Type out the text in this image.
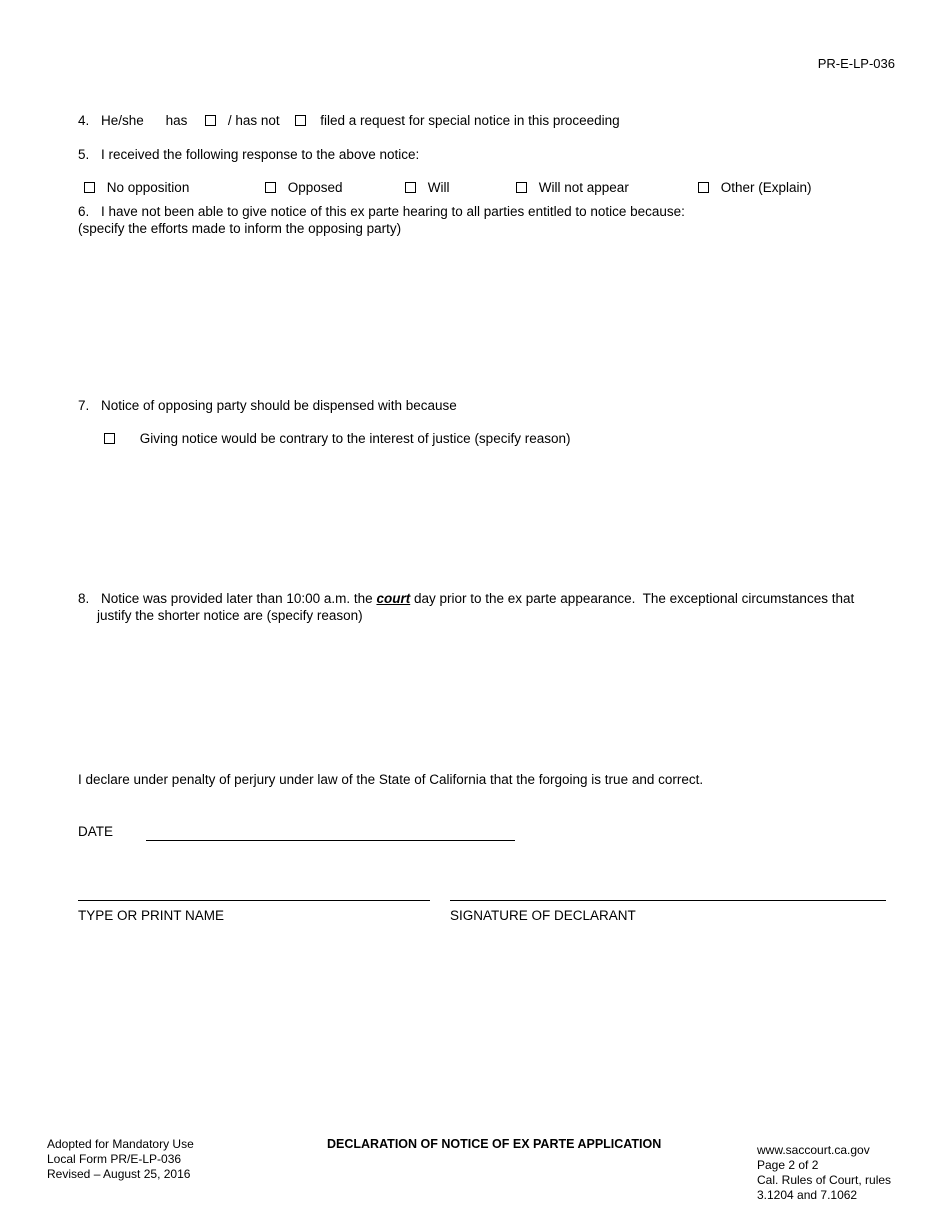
PR-E-LP-036
4. He/she has	/ has not	filed a request for special notice in this proceeding
5. I received the following response to the above notice:
No opposition	Opposed	Will	Will not appear	Other (Explain)
6. I have not been able to give notice of this ex parte hearing to all parties entitled to notice because:
(specify the efforts made to inform the opposing party)
7. Notice of opposing party should be dispensed with because
Giving notice would be contrary to the interest of justice (specify reason)
8. Notice was provided later than 10:00 a.m. the court day prior to the ex parte appearance.  The exceptional circumstances that
justify the shorter notice are (specify reason)
I declare under penalty of perjury under law of the State of California that the forgoing is true and correct.
DATE
TYPE OR PRINT NAME	SIGNATURE OF DECLARANT
Adopted for Mandatory Use
Local Form PR/E-LP-036
Revised – August 25, 2016
DECLARATION OF NOTICE OF EX PARTE APPLICATION	www.saccourt.ca.gov
Page 2 of 2
Cal. Rules of Court, rules
3.1204 and 7.1062
